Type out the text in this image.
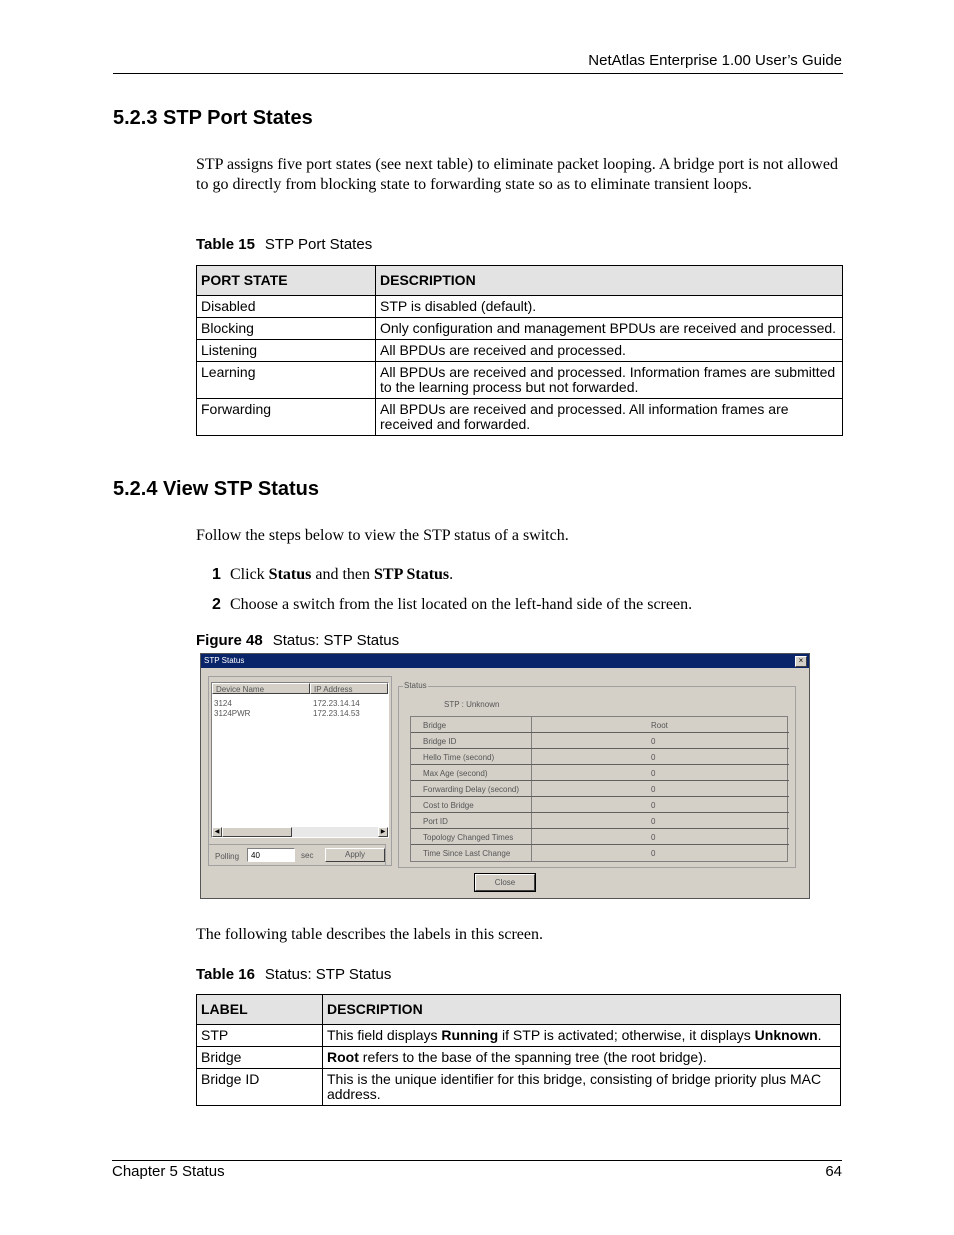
NetAtlas Enterprise 1.00 User’s Guide
5.2.3 STP Port States

STP assigns five port states (see next table) to eliminate packet looping. A bridge port is not allowed to go directly from blocking state to forwarding state so as to eliminate transient loops.

Table 15 STP Port States
PORT STATE	DESCRIPTION
Disabled	STP is disabled (default).
Blocking	Only configuration and management BPDUs are received and processed.
Listening	All BPDUs are received and processed.
Learning	All BPDUs are received and processed. Information frames are submitted to the learning process but not forwarded.
Forwarding	All BPDUs are received and processed. All information frames are received and forwarded.
5.2.4 View STP Status

Follow the steps below to view the STP status of a switch.

1 Click Status and then STP Status.
2 Choose a switch from the list located on the left-hand side of the screen.
Figure 48 Status: STP Status
STP Status	×
Device Name	IP Address
3124	172.23.14.14
3124PWR	172.23.14.53
◀	▶
Polling	40	sec	Apply
Status
STP : Unknown
Bridge	Root
Bridge ID	0
Hello Time (second)	0
Max Age (second)	0
Forwarding Delay (second)	0
Cost to Bridge	0
Port ID	0
Topology Changed Times	0
Time Since Last Change	0
Close

The following table describes the labels in this screen.

Table 16 Status: STP Status
LABEL	DESCRIPTION
STP	This field displays Running if STP is activated; otherwise, it displays Unknown.
Bridge	Root refers to the base of the spanning tree (the root bridge).
Bridge ID	This is the unique identifier for this bridge, consisting of bridge priority plus MAC address.
Chapter 5 Status	64
